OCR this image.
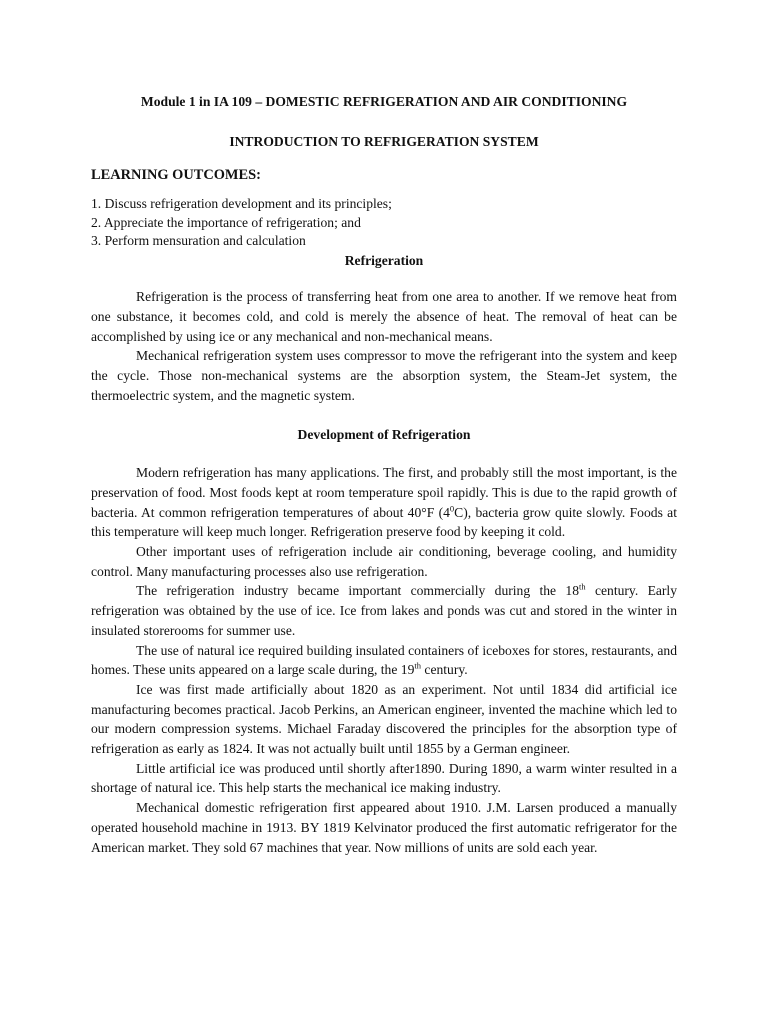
Module 1 in IA 109 – DOMESTIC REFRIGERATION AND AIR CONDITIONING

INTRODUCTION TO REFRIGERATION SYSTEM

LEARNING OUTCOMES:

1. Discuss refrigeration development and its principles;

2. Appreciate the importance of refrigeration; and

3. Perform mensuration and calculation

Refrigeration

Refrigeration is the process of transferring heat from one area to another. If we remove heat from one substance, it becomes cold, and cold is merely the absence of heat. The removal of heat can be accomplished by using ice or any mechanical and non-mechanical means.

Mechanical refrigeration system uses compressor to move the refrigerant into the system and keep the cycle. Those non-mechanical systems are the absorption system, the Steam-Jet system, the thermoelectric system, and the magnetic system.

Development of Refrigeration

Modern refrigeration has many applications. The first, and probably still the most important, is the preservation of food. Most foods kept at room temperature spoil rapidly. This is due to the rapid growth of bacteria. At common refrigeration temperatures of about 40°F $(4^0C)$, bacteria grow quite slowly. Foods at this temperature will keep much longer. Refrigeration preserve food by keeping it cold.

Other important uses of refrigeration include air conditioning, beverage cooling, and humidity control. Many manufacturing processes also use refrigeration.

The refrigeration industry became important commercially during the 18th century. Early refrigeration was obtained by the use of ice. Ice from lakes and ponds was cut and stored in the winter in insulated storerooms for summer use.

The use of natural ice required building insulated containers of iceboxes for stores, restaurants, and homes. These units appeared on a large scale during, the 19th century.

Ice was first made artificially about 1820 as an experiment. Not until 1834 did artificial ice manufacturing becomes practical. Jacob Perkins, an American engineer, invented the machine which led to our modern compression systems. Michael Faraday discovered the principles for the absorption type of refrigeration as early as 1824. It was not actually built until 1855 by a German engineer.

Little artificial ice was produced until shortly after1890. During 1890, a warm winter resulted in a shortage of natural ice. This help starts the mechanical ice making industry.

Mechanical domestic refrigeration first appeared about 1910. J.M. Larsen produced a manually operated household machine in 1913. BY 1819 Kelvinator produced the first automatic refrigerator for the American market. They sold 67 machines that year. Now millions of units are sold each year.
